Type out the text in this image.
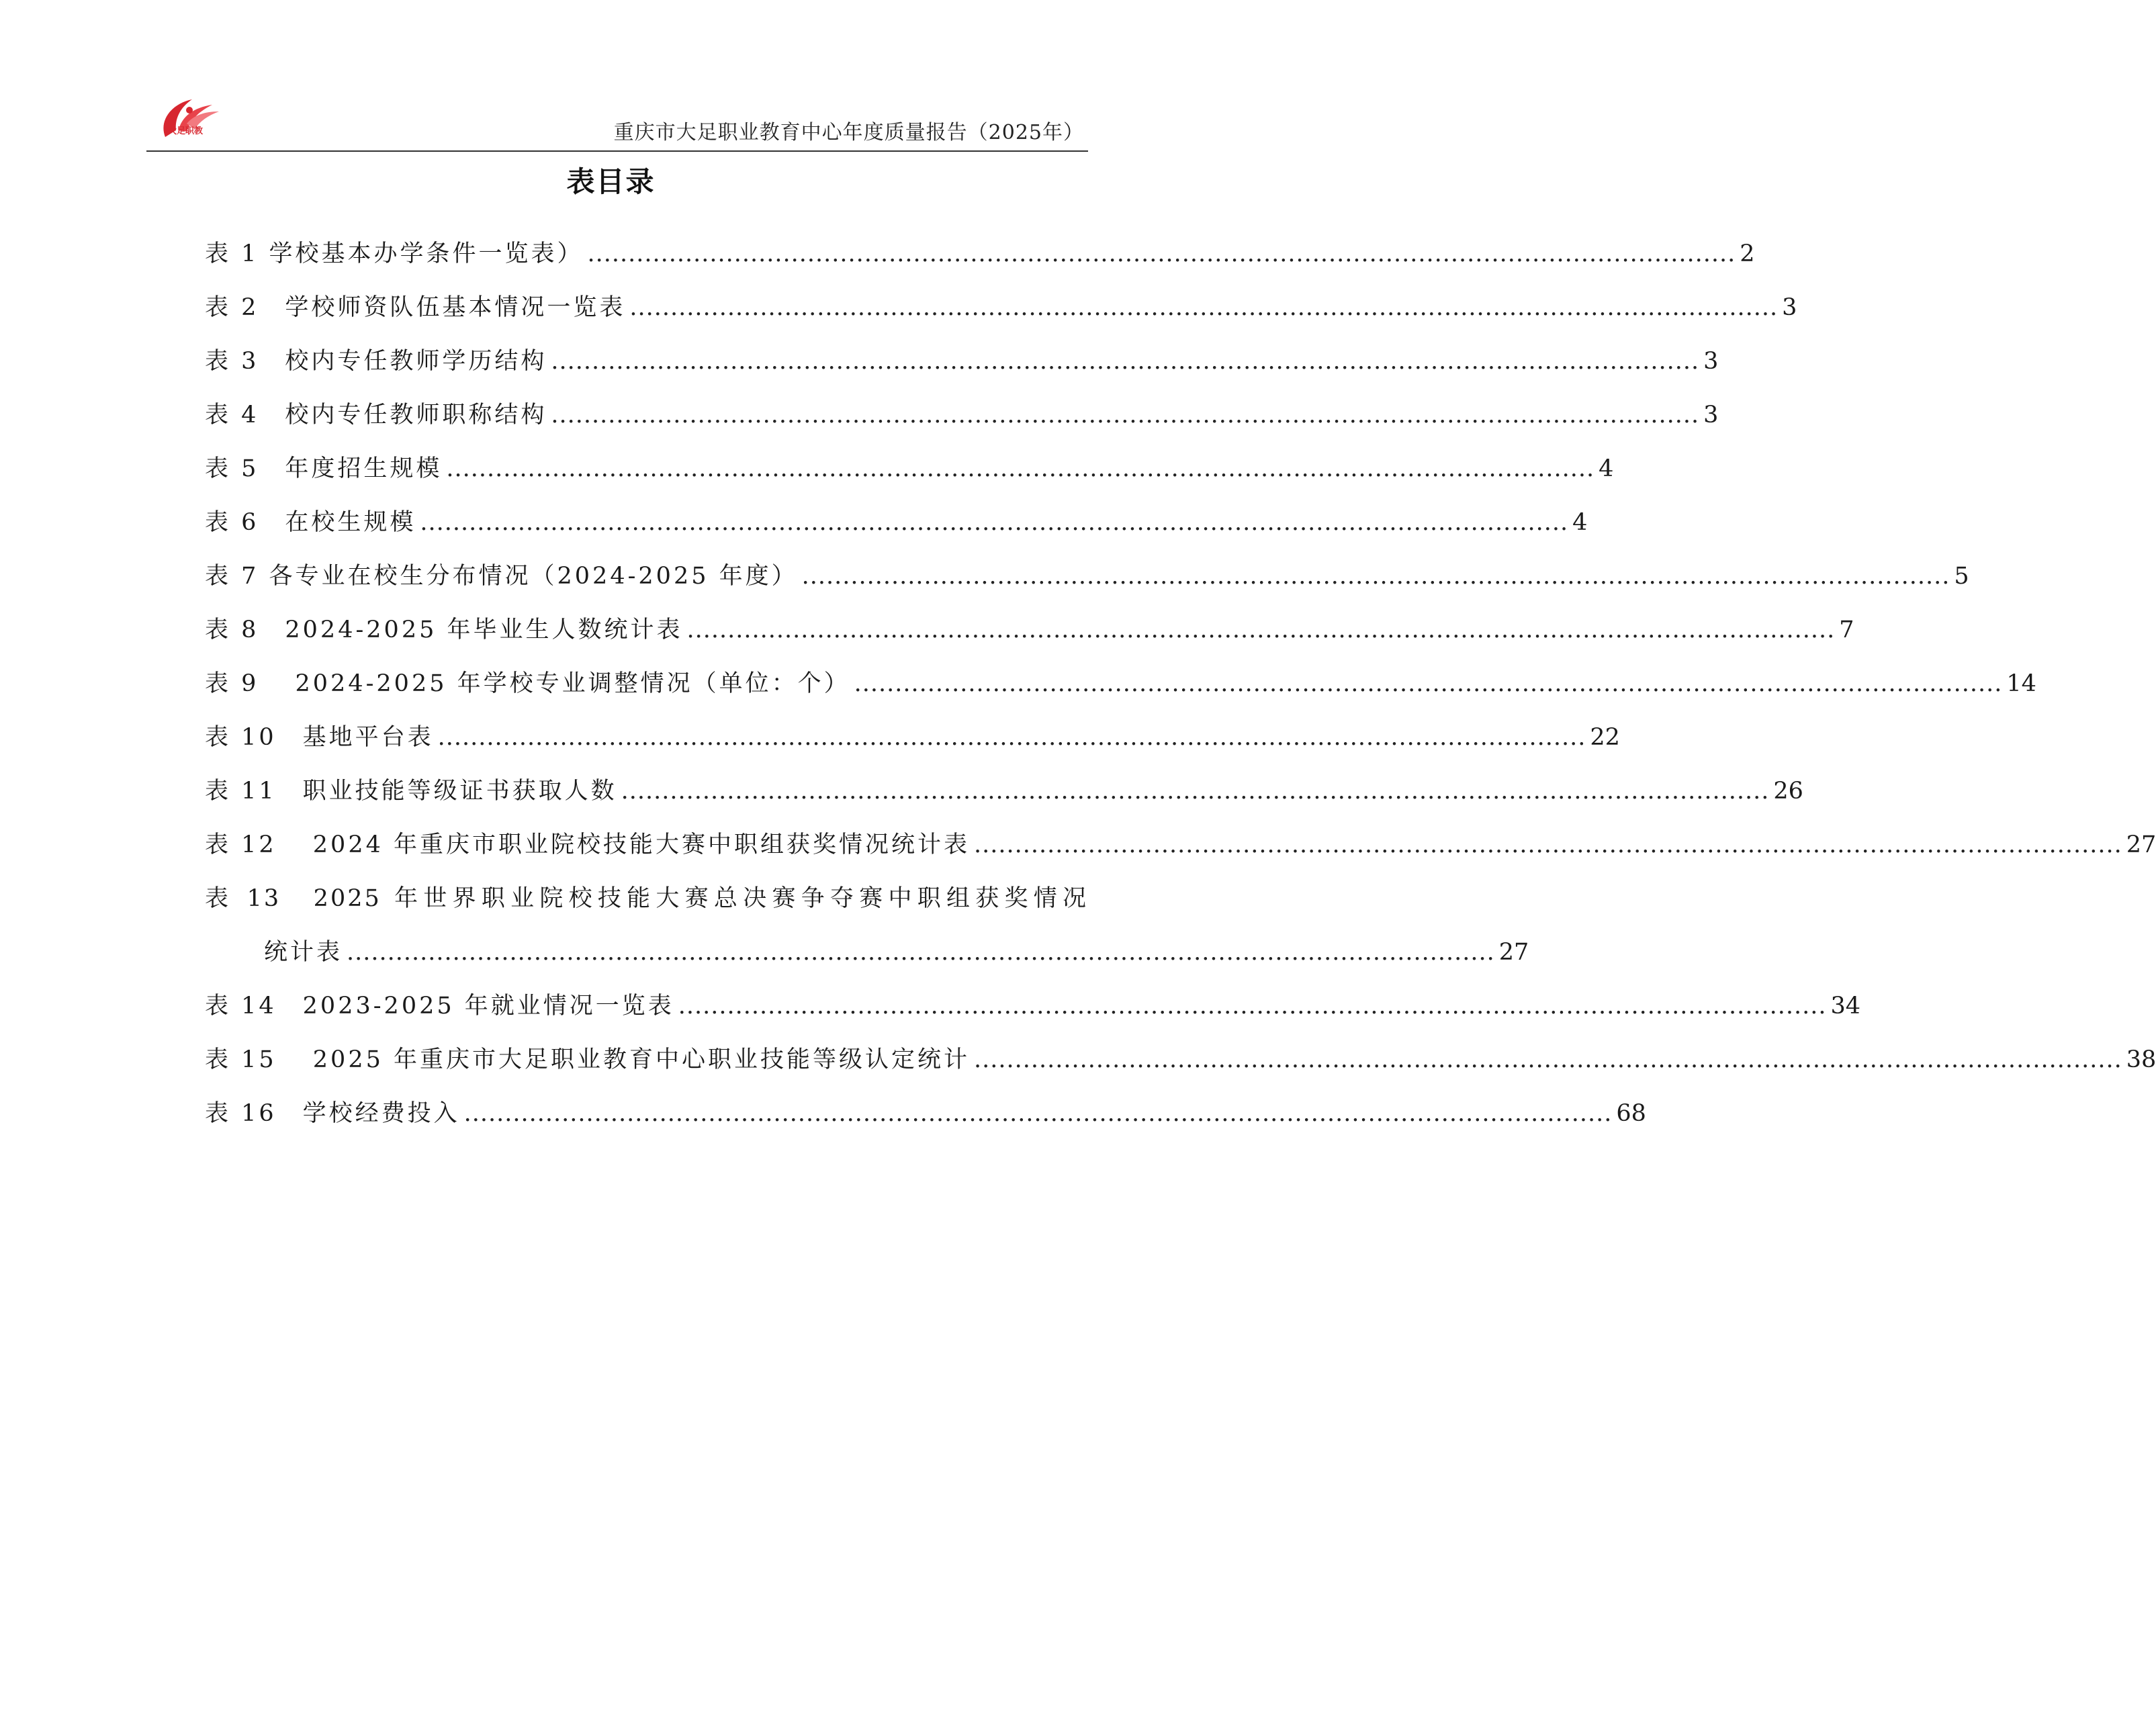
大足职教	重庆市大足职业教育中心年度质量报告（2025年）
表目录
表 1 学校基本办学条件一览表） ............................................................................................................................................. 2
表 2　学校师资队伍基本情况一览表 ............................................................................................................................................. 3
表 3　校内专任教师学历结构 ............................................................................................................................................. 3
表 4　校内专任教师职称结构 ............................................................................................................................................. 3
表 5　年度招生规模 ............................................................................................................................................. 4
表 6　在校生规模 ............................................................................................................................................. 4
表 7 各专业在校生分布情况（2024-2025 年度） ............................................................................................................................................. 5
表 8　2024-2025 年毕业生人数统计表 ............................................................................................................................................. 7
表 9　 2024-2025 年学校专业调整情况（单位：个） ............................................................................................................................................. 14
表 10　基地平台表 ............................................................................................................................................. 22
表 11　职业技能等级证书获取人数 ............................................................................................................................................. 26
表 12　 2024 年重庆市职业院校技能大赛中职组获奖情况统计表 ............................................................................................................................................. 27
表 13　2025 年世界职业院校技能大赛总决赛争夺赛中职组获奖情况
统计表 ............................................................................................................................................. 27
表 14　2023-2025 年就业情况一览表 ............................................................................................................................................. 34
表 15　 2025 年重庆市大足职业教育中心职业技能等级认定统计 ............................................................................................................................................. 38
表 16　学校经费投入 ............................................................................................................................................. 68
